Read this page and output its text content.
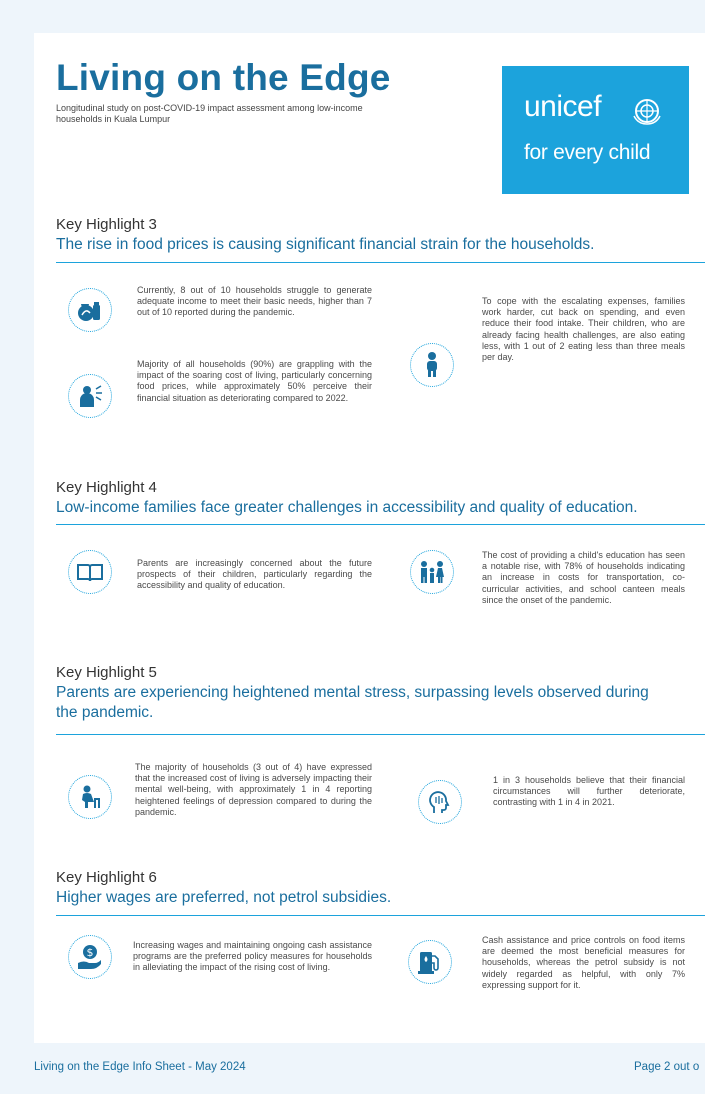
Living on the Edge
Longitudinal study on post-COVID-19 impact assessment among low-income households in Kuala Lumpur	unicef
for every child
Key Highlight 3
The rise in food prices is causing significant financial strain for the households.
Currently, 8 out of 10 households struggle to generate adequate income to meet their basic needs, higher than 7 out of 10 reported during the pandemic.
Majority of all households (90%) are grappling with the impact of the soaring cost of living, particularly concerning food prices, while approximately 50% perceive their financial situation as deteriorating compared to 2022.
To cope with the escalating expenses, families work harder, cut back on spending, and even reduce their food intake. Their children, who are already facing health challenges, are also eating less, with 1 out of 2 eating less than three meals per day.
Key Highlight 4
Low-income families face greater challenges in accessibility and quality of education.
Parents are increasingly concerned about the future prospects of their children, particularly regarding the accessibility and quality of education.
The cost of providing a child's education has seen a notable rise, with 78% of households indicating an increase in costs for transportation, co-curricular activities, and school canteen meals since the onset of the pandemic.
Key Highlight 5
Parents are experiencing heightened mental stress, surpassing levels observed during the pandemic.
The majority of households (3 out of 4) have expressed that the increased cost of living is adversely impacting their mental well-being, with approximately 1 in 4 reporting heightened feelings of depression compared to during the pandemic.
1 in 3 households believe that their financial circumstances will further deteriorate, contrasting with 1 in 4 in 2021.
Key Highlight 6
Higher wages are preferred, not petrol subsidies.
$
Increasing wages and maintaining ongoing cash assistance programs are the preferred policy measures for households in alleviating the impact of the rising cost of living.
Cash assistance and price controls on food items are deemed the most beneficial measures for households, whereas the petrol subsidy is not widely regarded as helpful, with only 7% expressing support for it.
Living on the Edge Info Sheet - May 2024	Page 2 out o
